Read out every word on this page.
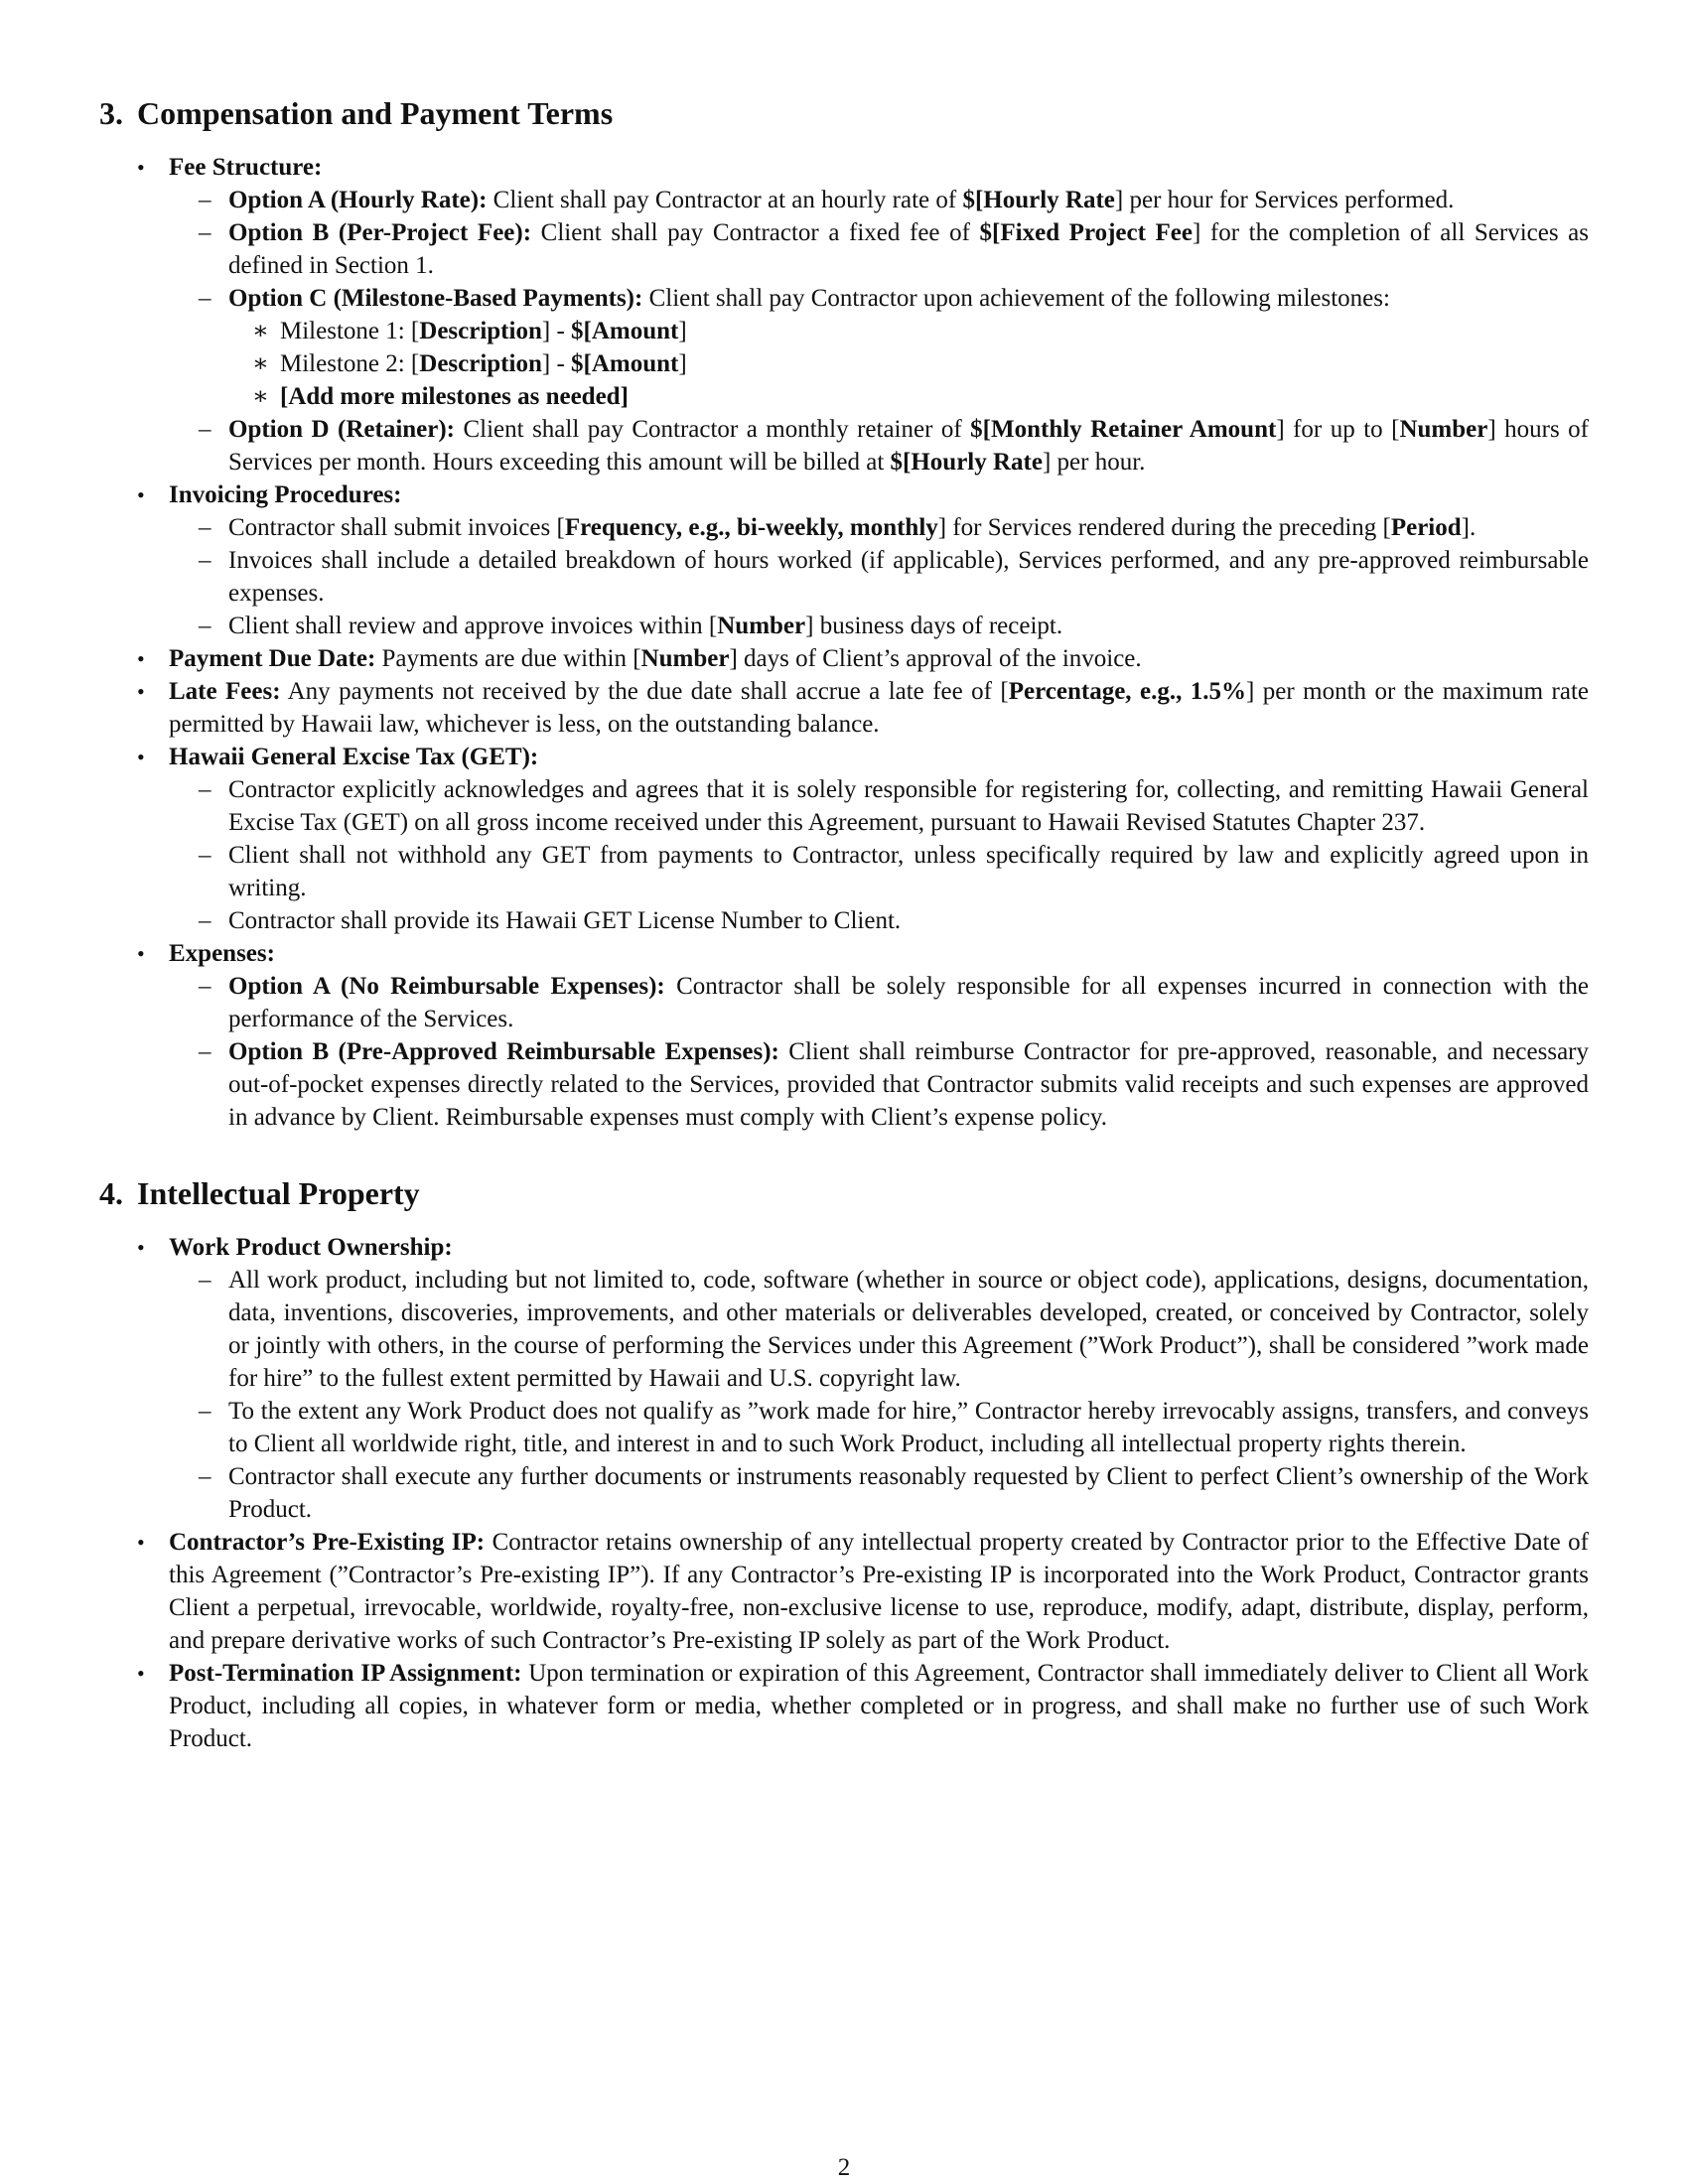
3. Compensation and Payment Terms
• Fee Structure:
– Option A (Hourly Rate): Client shall pay Contractor at an hourly rate of $[Hourly Rate] per hour for Services performed.
– Option B (Per-Project Fee): Client shall pay Contractor a fixed fee of $[Fixed Project Fee] for the completion of all Services as defined in Section 1.
– Option C (Milestone-Based Payments): Client shall pay Contractor upon achievement of the following milestones:
∗ Milestone 1: [Description] - $[Amount]
∗ Milestone 2: [Description] - $[Amount]
∗ [Add more milestones as needed]
– Option D (Retainer): Client shall pay Contractor a monthly retainer of $[Monthly Retainer Amount] for up to [Number] hours of Services per month. Hours exceeding this amount will be billed at $[Hourly Rate] per hour.
• Invoicing Procedures:
– Contractor shall submit invoices [Frequency, e.g., bi-weekly, monthly] for Services rendered during the preceding [Period].
– Invoices shall include a detailed breakdown of hours worked (if applicable), Services performed, and any pre-approved reimbursable expenses.
– Client shall review and approve invoices within [Number] business days of receipt.
• Payment Due Date: Payments are due within [Number] days of Client’s approval of the invoice.
• Late Fees: Any payments not received by the due date shall accrue a late fee of [Percentage, e.g., 1.5%] per month or the maximum rate permitted by Hawaii law, whichever is less, on the outstanding balance.
• Hawaii General Excise Tax (GET):
– Contractor explicitly acknowledges and agrees that it is solely responsible for registering for, collecting, and remitting Hawaii General Excise Tax (GET) on all gross income received under this Agreement, pursuant to Hawaii Revised Statutes Chapter 237.
– Client shall not withhold any GET from payments to Contractor, unless specifically required by law and explicitly agreed upon in writing.
– Contractor shall provide its Hawaii GET License Number to Client.
• Expenses:
– Option A (No Reimbursable Expenses): Contractor shall be solely responsible for all expenses incurred in connection with the performance of the Services.
– Option B (Pre-Approved Reimbursable Expenses): Client shall reimburse Contractor for pre-approved, reasonable, and necessary out-of-pocket expenses directly related to the Services, provided that Contractor submits valid receipts and such expenses are approved in advance by Client. Reimbursable expenses must comply with Client’s expense policy.
4. Intellectual Property
• Work Product Ownership:
– All work product, including but not limited to, code, software (whether in source or object code), applications, designs, documentation, data, inventions, discoveries, improvements, and other materials or deliverables developed, created, or conceived by Contractor, solely or jointly with others, in the course of performing the Services under this Agreement (”Work Product”), shall be considered ”work made for hire” to the fullest extent permitted by Hawaii and U.S. copyright law.
– To the extent any Work Product does not qualify as ”work made for hire,” Contractor hereby irrevocably assigns, transfers, and conveys to Client all worldwide right, title, and interest in and to such Work Product, including all intellectual property rights therein.
– Contractor shall execute any further documents or instruments reasonably requested by Client to perfect Client’s ownership of the Work Product.
• Contractor’s Pre-Existing IP: Contractor retains ownership of any intellectual property created by Contractor prior to the Effective Date of this Agreement (”Contractor’s Pre-existing IP”). If any Contractor’s Pre-existing IP is incorporated into the Work Product, Contractor grants Client a perpetual, irrevocable, worldwide, royalty-free, non-exclusive license to use, reproduce, modify, adapt, distribute, display, perform, and prepare derivative works of such Contractor’s Pre-existing IP solely as part of the Work Product.
• Post-Termination IP Assignment: Upon termination or expiration of this Agreement, Contractor shall immediately deliver to Client all Work Product, including all copies, in whatever form or media, whether completed or in progress, and shall make no further use of such Work Product.
2
